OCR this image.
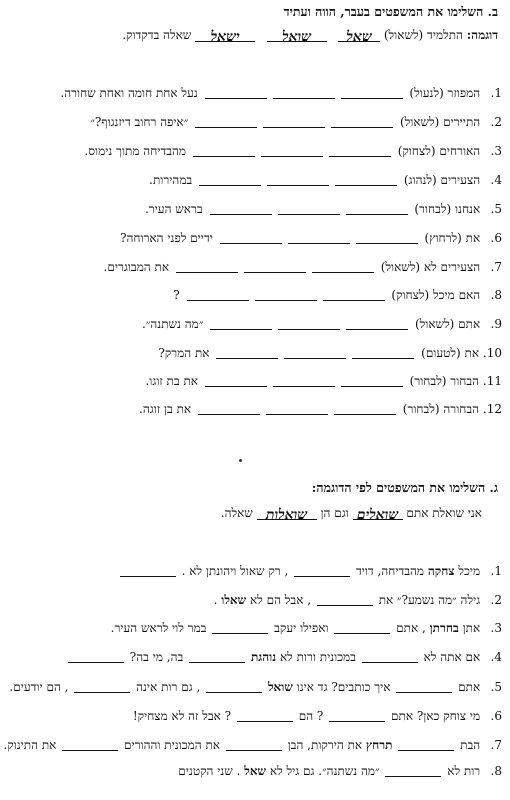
ב. השלימו את המשפטים בעבר, הווה ועתיד
דוגמה: התלמיד (לשאול) שאל   שואל   ישאל שאלה בדקדוק.
1. המפוזר (לנעול)  נעל אחת חומה ואחת שחורה.
2. התיירים (לשאול)  ״איפה רחוב דיזנגוף?״
3. האורחים (לצחוק)  מהבדיחה מתוך נימוס.
4. הצעירים (לנהוג)  במהירות.
5. אנחנו (לבחור)  בראש העיר.
6. את (לרחוץ)  ידיים לפני הארוחה?
7. הצעירים לא (לשאול)  את המבוגרים.
8. האם מיכל (לצחוק)  ?
9. אתם (לשאול)  ״מה נשתנה״.
10. את (לטעום)  את המרק?
11. הבחור (לבחור)  את בת זוגו.
12. הבחורה (לבחור)  את בן זוגה.
ג. השלימו את המשפטים לפי הדוגמה:
אני שואלת אתם שואלים וגם הן שואלות שאלה.
1. מיכל צחקה מהבדיחה, דויד  , רק שאול ויהונתן לא .
2. גילה ״מה נשמע?״ את  , אבל הם לא שאלו .
3. אתן בחרתן , אתם  ואפילו יעקב  במר לוי לראש העיר.
4. אם אתה לא  במכונית ורות לא נוהגת  בה, מי בה?
5. אתם  איך כותבים? גד אינו שואל  , גם רות אינה  , הם יודעים.
6. מי צוחק כאן? אתם  ? הם  ? אבל זה לא מצחיק!
7. הבת  תרחץ את הירקות, הבן  את המכונית וההורים  את התינוק.
8. רות לא  ״מה נשתנה״. גם גיל לא שאל . שני הקטנים
